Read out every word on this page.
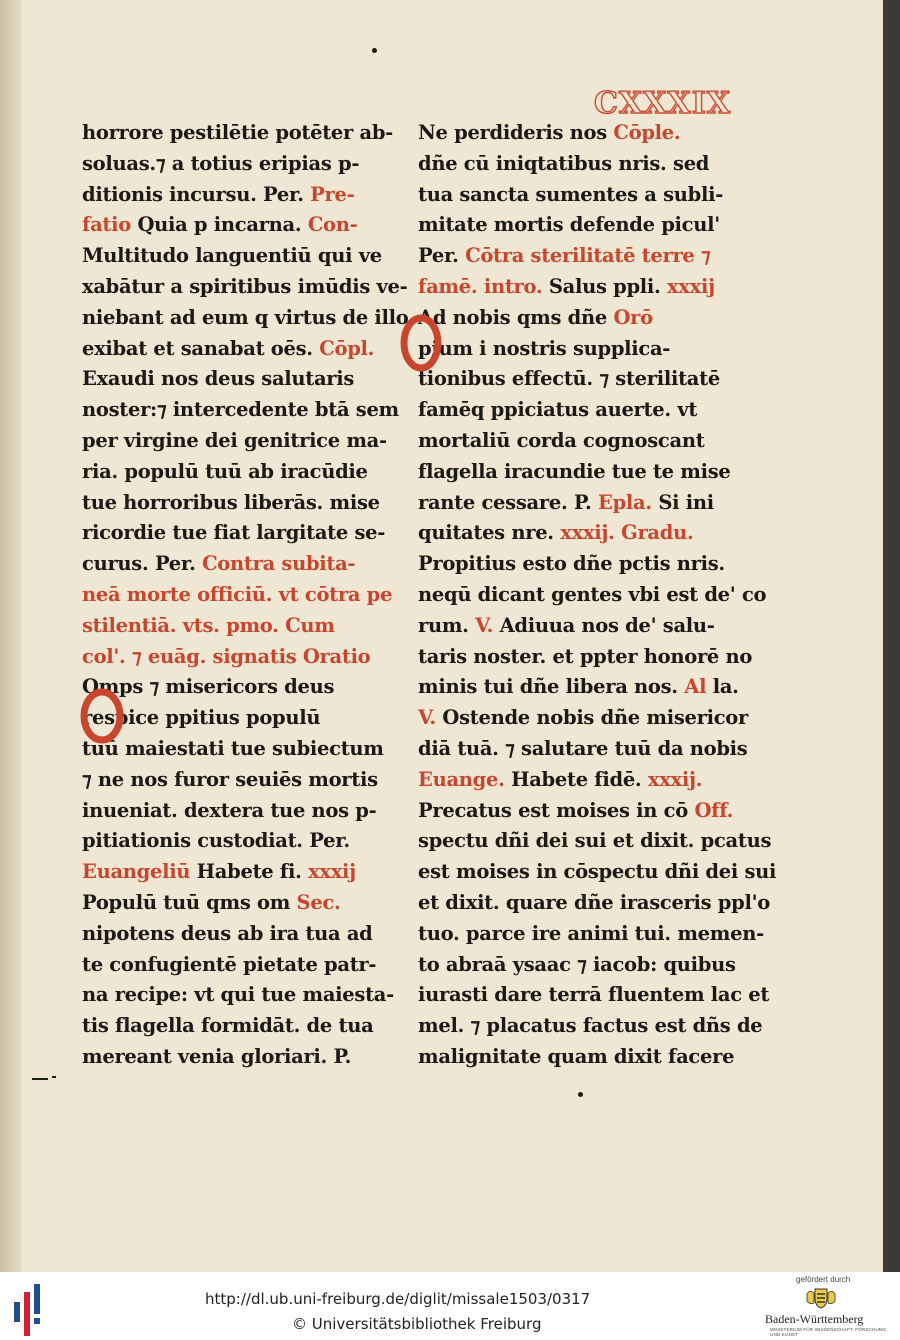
CXXXIX
horrore pestilētie potēter ab-
soluas.⁊ a totius eripias p-
ditionis incursu. Per. Pre-
fatio Quia p incarna. Con-
Multitudo languentiū qui ve
xabātur a spiritibus imūdis ve-
niebant ad eum q virtus de illo
exibat et sanabat oēs. Cōpl.
Exaudi nos deus salutaris
noster:⁊ intercedente btā sem
per virgine dei genitrice ma-
ria. populū tuū ab iracūdie
tue horroribus liberās. mise
ricordie tue fiat largitate se-
curus. Per. Contra subita-
neā morte officiū. vt cōtra pe
stilentiā. vts. pmo. Cum
col'. ⁊ euāg. signatis Oratio
Omps ⁊ misericors deus
respice ppitius populū
tuū maiestati tue subiectum
⁊ ne nos furor seuiēs mortis
inueniat. dextera tue nos p-
pitiationis custodiat. Per.
Euangeliū Habete fi. xxxij
Populū tuū qms om Sec.
nipotens deus ab ira tua ad
te confugientē pietate patr-
na recipe: vt qui tue maiesta-
tis flagella formidāt. de tua
mereant venia gloriari. P.
Ne perdideris nos Cōple.
dñe cū iniqtatibus nris. sed
tua sancta sumentes a subli-
mitate mortis defende picul'
Per. Cōtra sterilitatē terre ⁊
famē. intro. Salus ppli. xxxij
Ad nobis qms dñe Orō
pium i nostris supplica-
tionibus effectū. ⁊ sterilitatē
famēq ppiciatus auerte. vt
mortaliū corda cognoscant
flagella iracundie tue te mise
rante cessare. P. Epla. Si ini
quitates nre. xxxij. Gradu.
Propitius esto dñe pctis nris.
neqū dicant gentes vbi est de' co
rum. V. Adiuua nos de' salu-
taris noster. et ppter honorē no
minis tui dñe libera nos. Al la.
V. Ostende nobis dñe misericor
diā tuā. ⁊ salutare tuū da nobis
Euange. Habete fidē. xxxij.
Precatus est moises in cō Off.
spectu dñi dei sui et dixit. pcatus
est moises in cōspectu dñi dei sui
et dixit. quare dñe irasceris ppl'o
tuo. parce ire animi tui. memen-
to abraā ysaac ⁊ iacob: quibus
iurasti dare terrā fluentem lac et
mel. ⁊ placatus factus est dñs de
malignitate quam dixit facere
http://dl.ub.uni-freiburg.de/diglit/missale1503/0317
© Universitätsbibliothek Freiburg
gefördert durch
Baden-Württemberg
MINISTERIUM FÜR WISSENSCHAFT, FORSCHUNG UND KUNST
